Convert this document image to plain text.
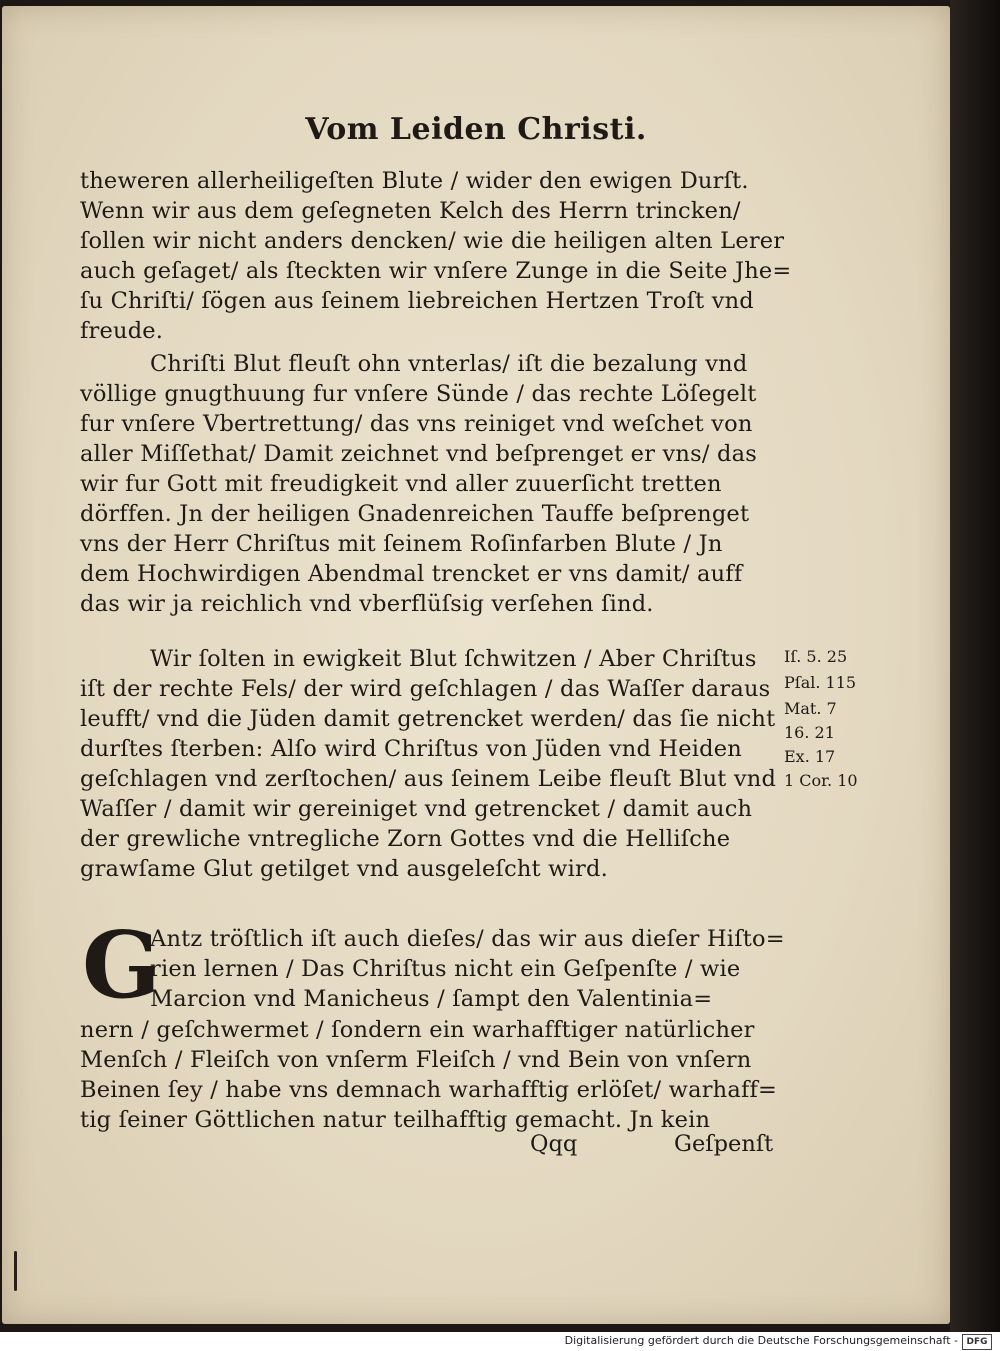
Vom Leiden Christi.
theweren allerheiligeſten Blute / wider den ewigen Durſt.
Wenn wir aus dem geſegneten Kelch des Herrn trincken/
ſollen wir nicht anders dencken/ wie die heiligen alten Lerer
auch geſaget/ als ſteckten wir vnſere Zunge in die Seite Jhe=
ſu Chriſti/ ſögen aus ſeinem liebreichen Hertzen Troſt vnd
freude.
Chriſti Blut fleuſt ohn vnterlas/ iſt die bezalung vnd
völlige gnugthuung fur vnſere Sünde / das rechte Löſegelt
fur vnſere Vbertrettung/ das vns reiniget vnd weſchet von
aller Miſſethat/ Damit zeichnet vnd beſprenget er vns/ das
wir fur Gott mit freudigkeit vnd aller zuuerſicht tretten
dörffen. Jn der heiligen Gnadenreichen Tauffe beſprenget
vns der Herr Chriſtus mit ſeinem Roſinfarben Blute / Jn
dem Hochwirdigen Abendmal trencket er vns damit/ auff
das wir ja reichlich vnd vberflüſsig verſehen ſind.
Wir ſolten in ewigkeit Blut ſchwitzen / Aber Chriſtus
iſt der rechte Fels/ der wird geſchlagen / das Waſſer daraus
leufft/ vnd die Jüden damit getrencket werden/ das ſie nicht
durſtes ſterben: Alſo wird Chriſtus von Jüden vnd Heiden
geſchlagen vnd zerſtochen/ aus ſeinem Leibe fleuſt Blut vnd
Waſſer / damit wir gereiniget vnd getrencket / damit auch
der grewliche vntregliche Zorn Gottes vnd die Helliſche
grawſame Glut getilget vnd ausgeleſcht wird.
Iſ. 5. 25
Pſal. 115
Mat. 7
16. 21
Ex. 17
1 Cor. 10
G
Antz tröſtlich iſt auch dieſes/ das wir aus dieſer Hiſto=
rien lernen / Das Chriſtus nicht ein Geſpenſte / wie
Marcion vnd Manicheus / ſampt den Valentinia=
nern / geſchwermet / ſondern ein warhafftiger natürlicher
Menſch / Fleiſch von vnſerm Fleiſch / vnd Bein von vnſern
Beinen ſey / habe vns demnach warhafftig erlöſet/ warhaff=
tig ſeiner Göttlichen natur teilhafftig gemacht. Jn kein
Qqq	Geſpenſt
Digitalisierung gefördert durch die Deutsche Forschungsgemeinschaft - DFG
